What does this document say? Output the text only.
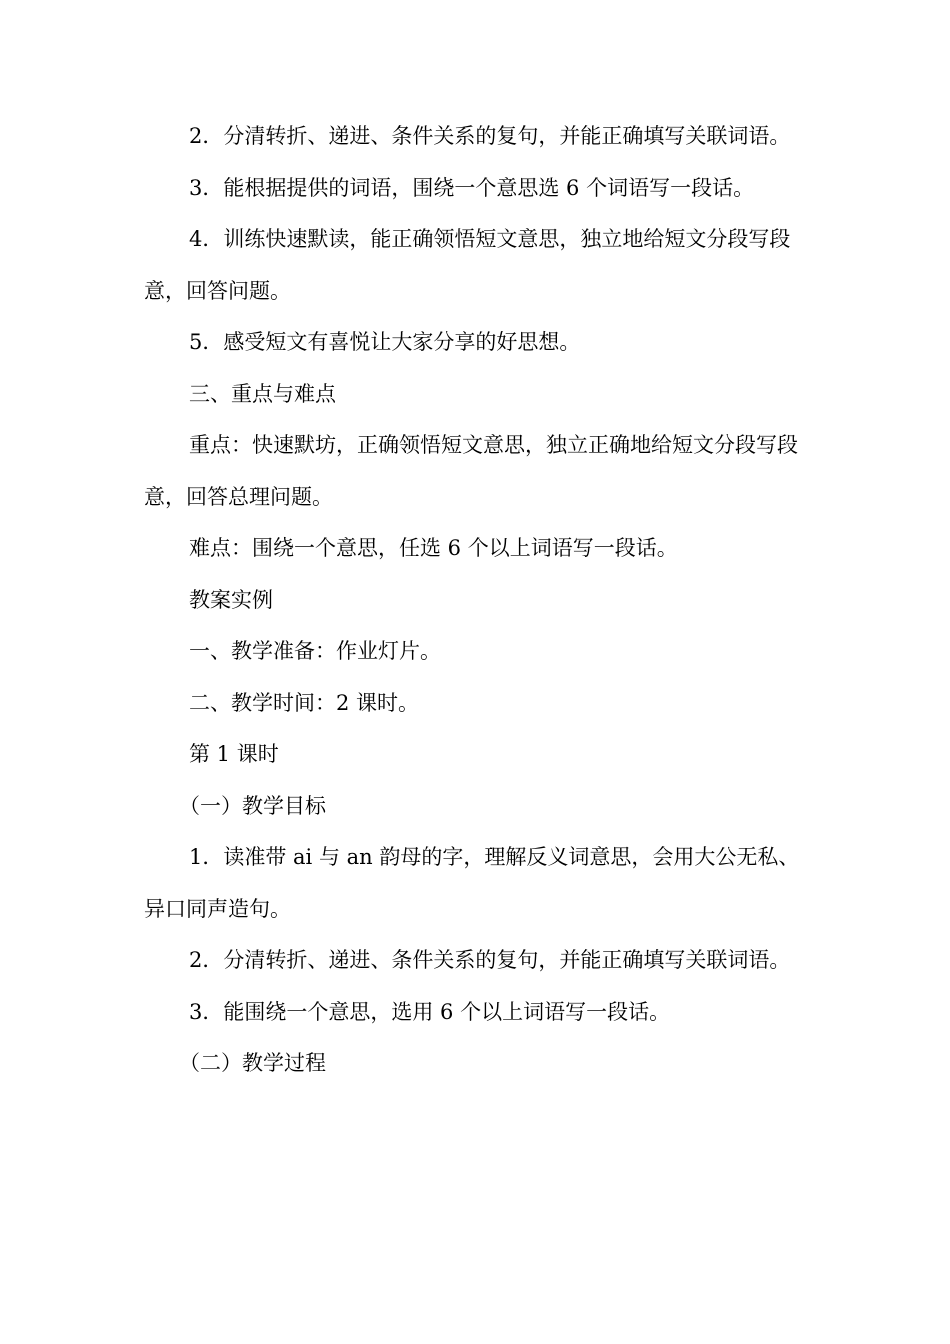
2．分清转折、递进、条件关系的复句，并能正确填写关联词语。

3．能根据提供的词语，围绕一个意思选 6 个词语写一段话。

4．训练快速默读，能正确领悟短文意思，独立地给短文分段写段意，回答问题。

5．感受短文有喜悦让大家分享的好思想。

三、重点与难点

重点：快速默坊，正确领悟短文意思，独立正确地给短文分段写段意，回答总理问题。

难点：围绕一个意思，任选 6 个以上词语写一段话。

教案实例

一、教学准备：作业灯片。

二、教学时间：2 课时。

第 1 课时

（一）教学目标

1．读准带 ai 与 an 韵母的字，理解反义词意思，会用大公无私、异口同声造句。

2．分清转折、递进、条件关系的复句，并能正确填写关联词语。

3．能围绕一个意思，选用 6 个以上词语写一段话。

（二）教学过程
